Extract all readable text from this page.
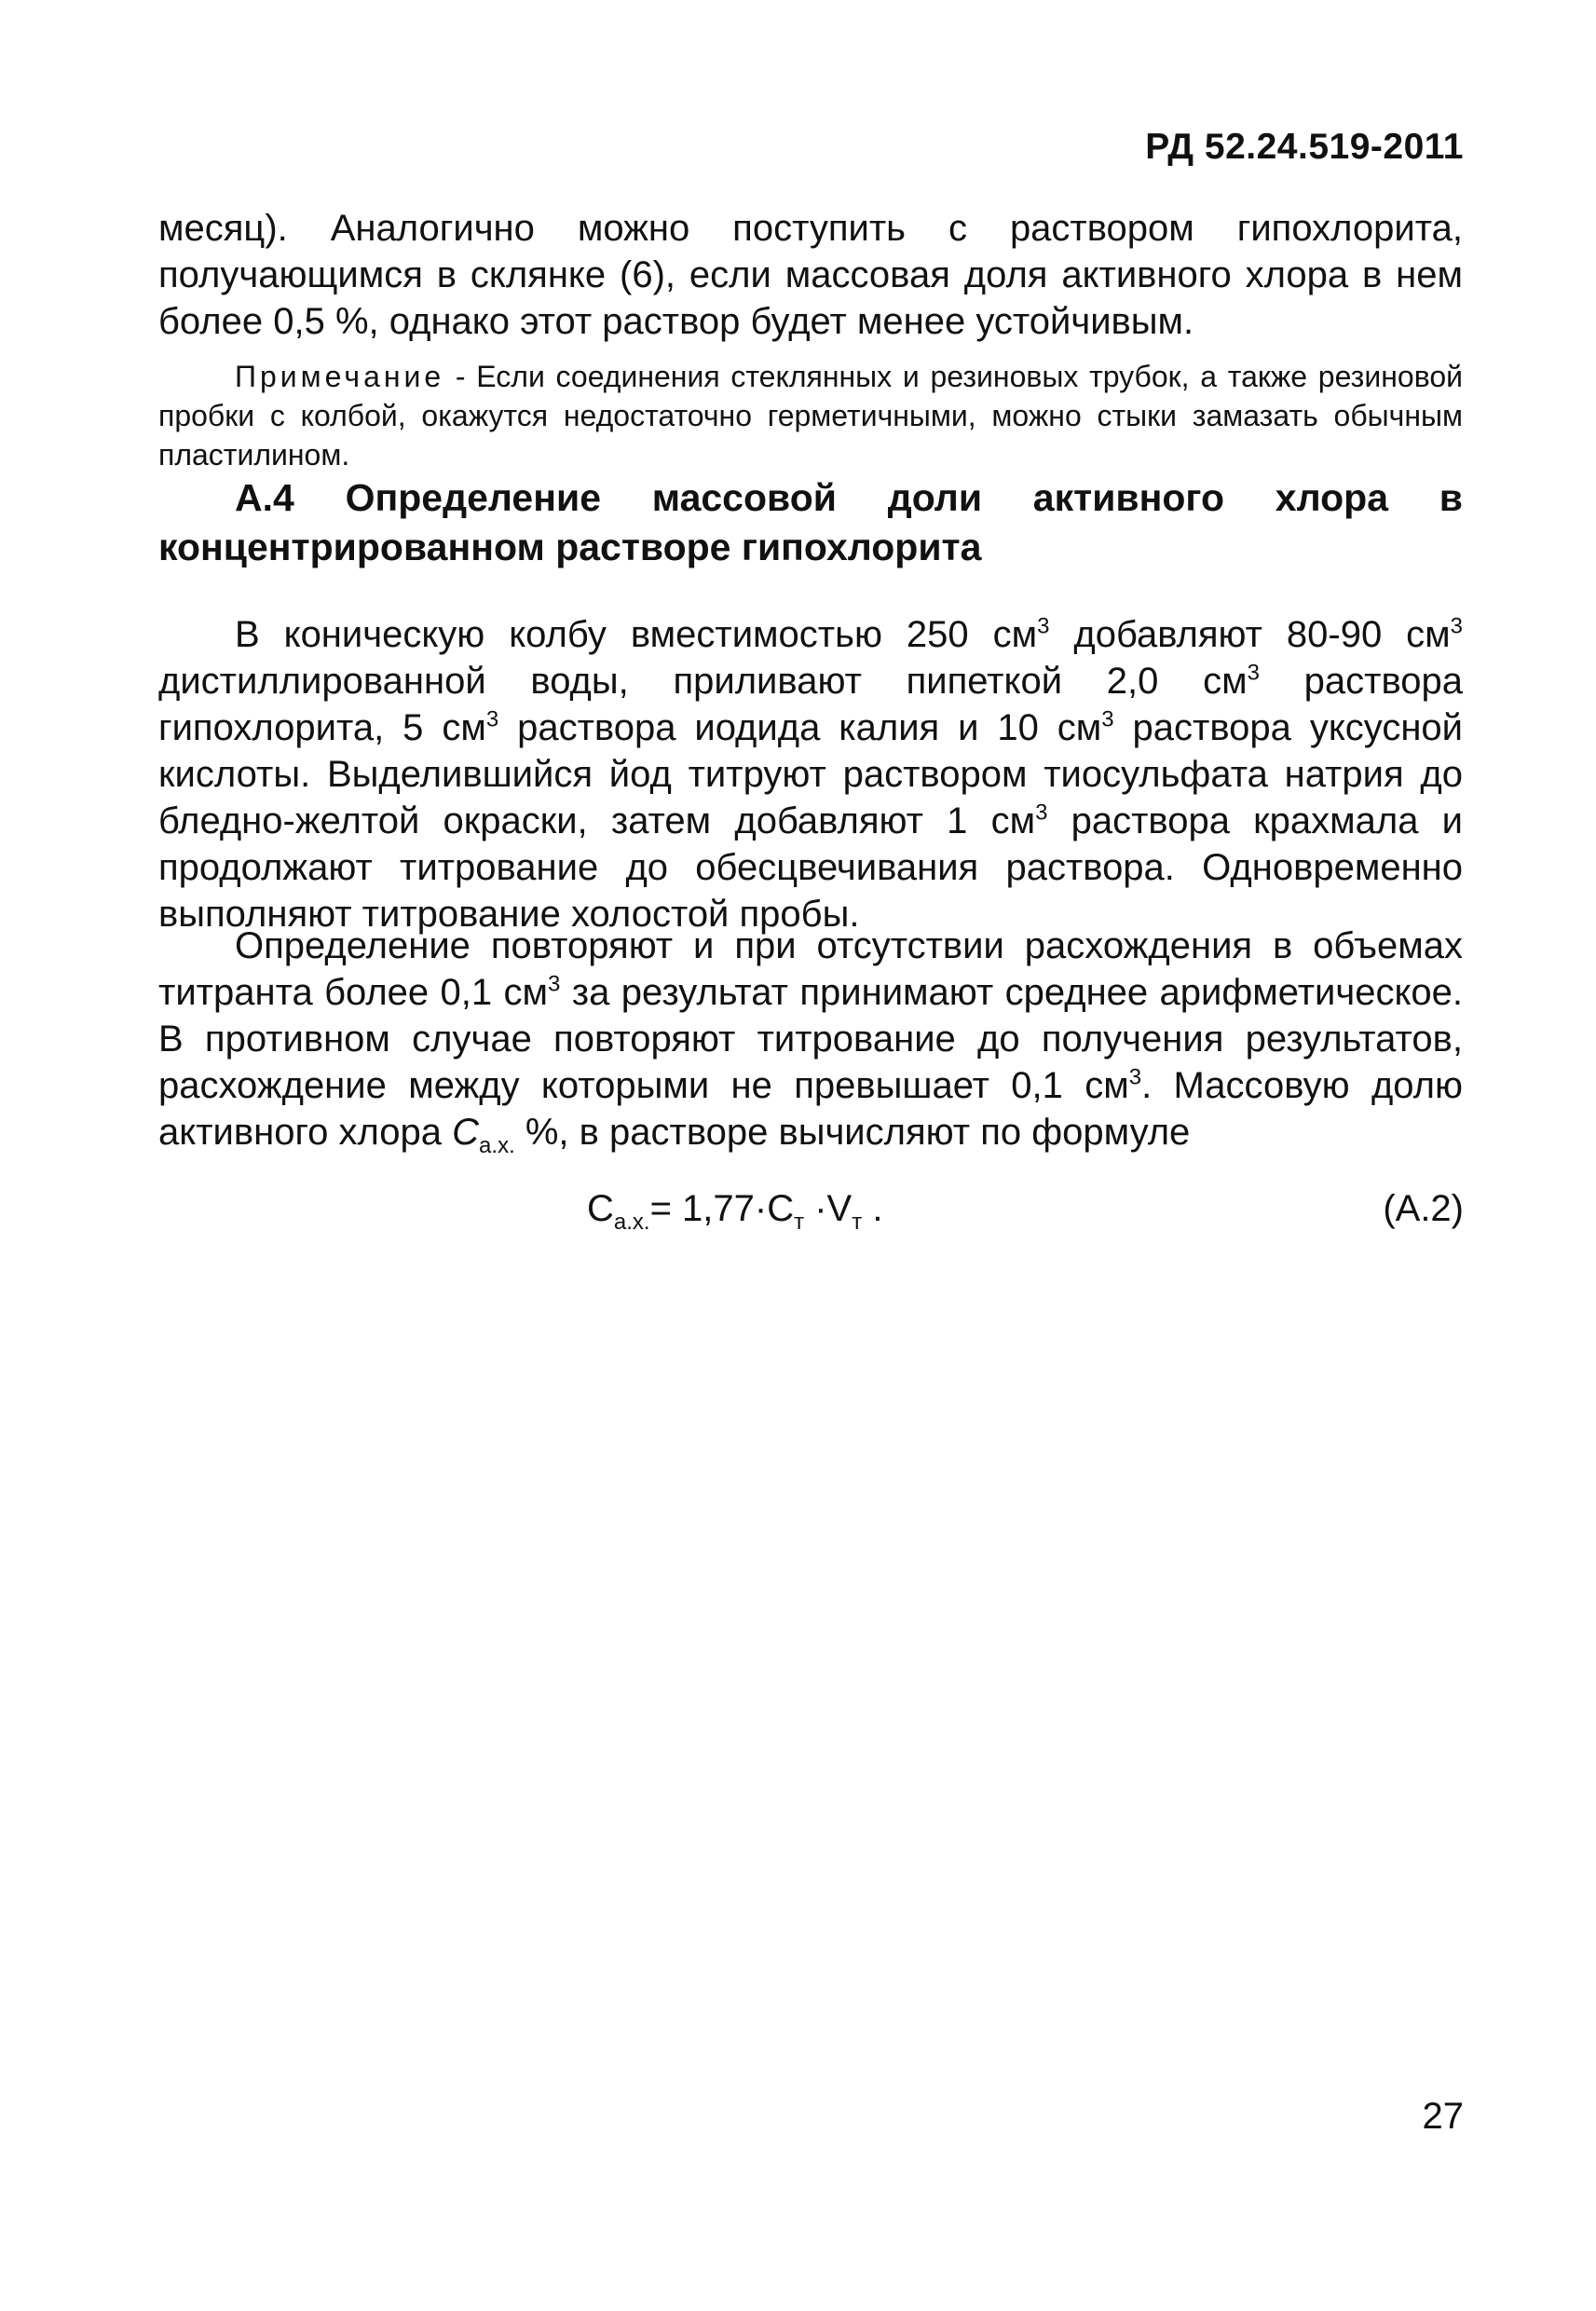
РД 52.24.519-2011
месяц). Аналогично можно поступить с раствором гипохлорита, получающимся в склянке (6), если массовая доля активного хлора в нем более 0,5 %, однако этот раствор будет менее устойчивым.
Примечание - Если соединения стеклянных и резиновых трубок, а также резиновой пробки с колбой, окажутся недостаточно герметичными, можно стыки замазать обычным пластилином.
А.4 Определение массовой доли активного хлора в концентрированном растворе гипохлорита
В коническую колбу вместимостью 250 $см^3$ добавляют 80-90 $см^3$ дистиллированной воды, приливают пипеткой 2,0 $см^3$ раствора гипохлорита, 5 $см^3$ раствора иодида калия и 10 $см^3$ раствора уксусной кислоты. Выделившийся йод титруют раствором тиосульфата натрия до бледно-желтой окраски, затем добавляют 1 $см^3$ раствора крахмала и продолжают титрование до обесцвечивания раствора. Одновременно выполняют титрование холостой пробы.
Определение повторяют и при отсутствии расхождения в объемах титранта более 0,1 $см^3$ за результат принимают среднее арифметическое. В противном случае повторяют титрование до получения результатов, расхождение между которыми не превышает 0,1 $см^3$. Массовую долю активного хлора $C_{а.х.}$ %, в растворе вычисляют по формуле
$C_{а.х.}= 1,77\cdot C_т \cdot V_т$ .	(А.2)
27
